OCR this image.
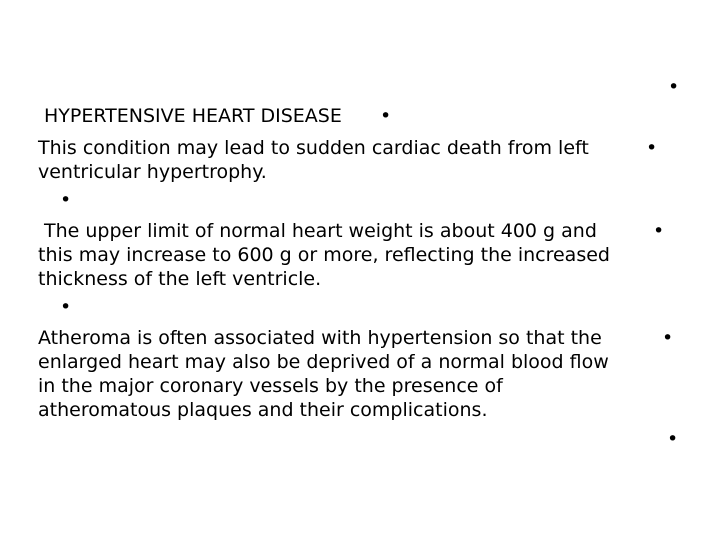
•
HYPERTENSIVE HEART DISEASE •
This condition may lead to sudden cardiac death from left	•
ventricular hypertrophy.
•
The upper limit of normal heart weight is about 400 g and	•
this may increase to 600 g or more, reflecting the increased
thickness of the left ventricle.
•
Atheroma is often associated with hypertension so that the	•
enlarged heart may also be deprived of a normal blood flow
in the major coronary vessels by the presence of
atheromatous plaques and their complications.
•
